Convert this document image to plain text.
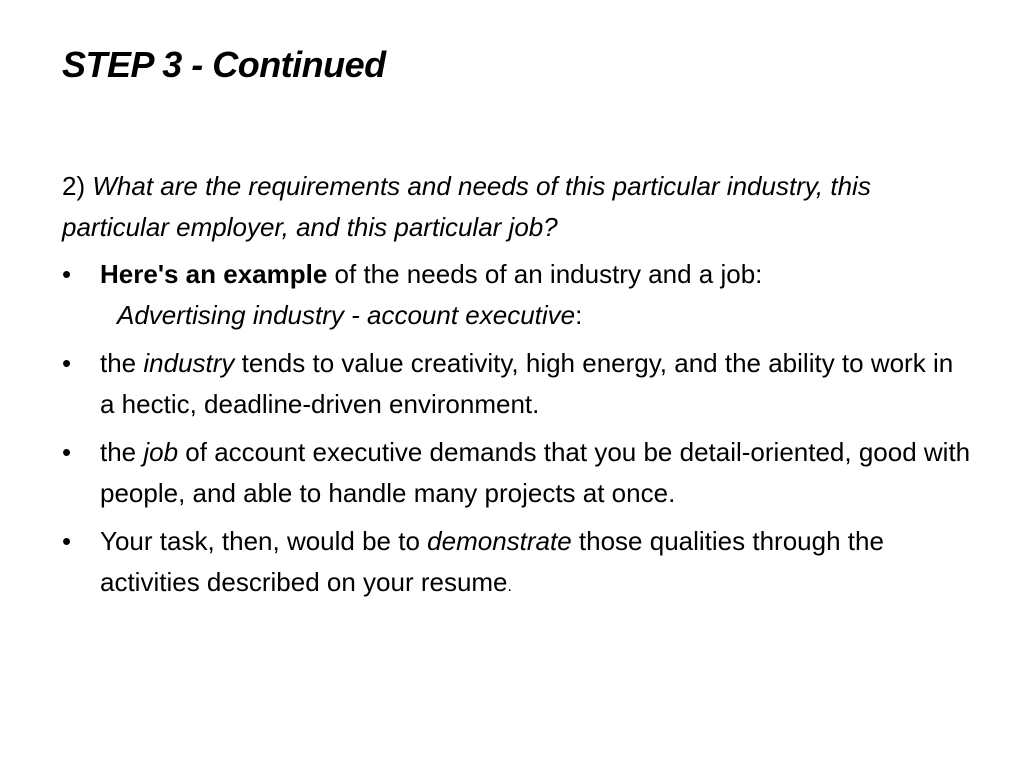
STEP 3 - Continued

2) What are the requirements and needs of this particular industry, this particular employer, and this particular job?

• Here's an example of the needs of an industry and a job:
Advertising industry - account executive:
• the industry tends to value creativity, high energy, and the ability to work in a hectic, deadline-driven environment.
• the job of account executive demands that you be detail-oriented, good with people, and able to handle many projects at once.
• Your task, then, would be to demonstrate those qualities through the activities described on your resume.
